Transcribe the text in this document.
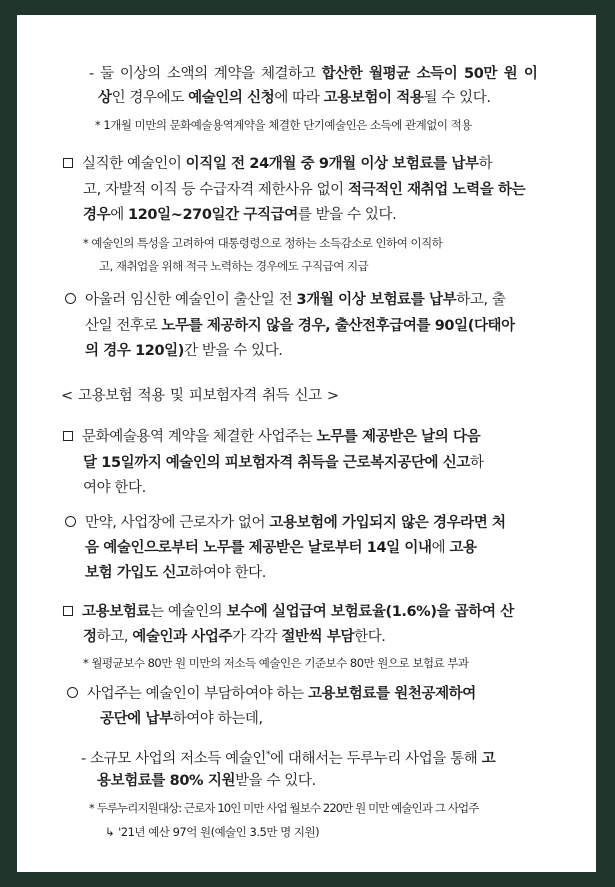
- 둘 이상의 소액의 계약을 체결하고 합산한 월평균 소득이 50만 원 이
상인 경우에도 예술인의 신청에 따라 고용보험이 적용될 수 있다.
* 1개월 미만의 문화예술용역계약을 체결한 단기예술인은 소득에 관계없이 적용
실직한 예술인이 이직일 전 24개월 중 9개월 이상 보험료를 납부하
고, 자발적 이직 등 수급자격 제한사유 없이 적극적인 재취업 노력을 하는
경우에 120일~270일간 구직급여를 받을 수 있다.
* 예술인의 특성을 고려하여 대통령령으로 정하는 소득감소로 인하여 이직하
고, 재취업을 위해 적극 노력하는 경우에도 구직급여 지급
아울러 임신한 예술인이 출산일 전 3개월 이상 보험료를 납부하고, 출
산일 전후로 노무를 제공하지 않을 경우, 출산전후급여를 90일(다태아
의 경우 120일)간 받을 수 있다.
< 고용보험 적용 및 피보험자격 취득 신고 >
문화예술용역 계약을 체결한 사업주는 노무를 제공받은 날의 다음
달 15일까지 예술인의 피보험자격 취득을 근로복지공단에 신고하
여야 한다.
만약, 사업장에 근로자가 없어 고용보험에 가입되지 않은 경우라면 처
음 예술인으로부터 노무를 제공받은 날로부터 14일 이내에 고용
보험 가입도 신고하여야 한다.
고용보험료는 예술인의 보수에 실업급여 보험료율(1.6%)을 곱하여 산
정하고, 예술인과 사업주가 각각 절반씩 부담한다.
* 월평균보수 80만 원 미만의 저소득 예술인은 기준보수 80만 원으로 보험료 부과
사업주는 예술인이 부담하여야 하는 고용보험료를 원천공제하여
공단에 납부하여야 하는데,
- 소규모 사업의 저소득 예술인*에 대해서는 두루누리 사업을 통해 고
용보험료를 80% 지원받을 수 있다.
* 두루누리지원대상: 근로자 10인 미만 사업 월보수 220만 원 미만 예술인과 그 사업주
↳ '21년 예산 97억 원(예술인 3.5만 명 지원)
